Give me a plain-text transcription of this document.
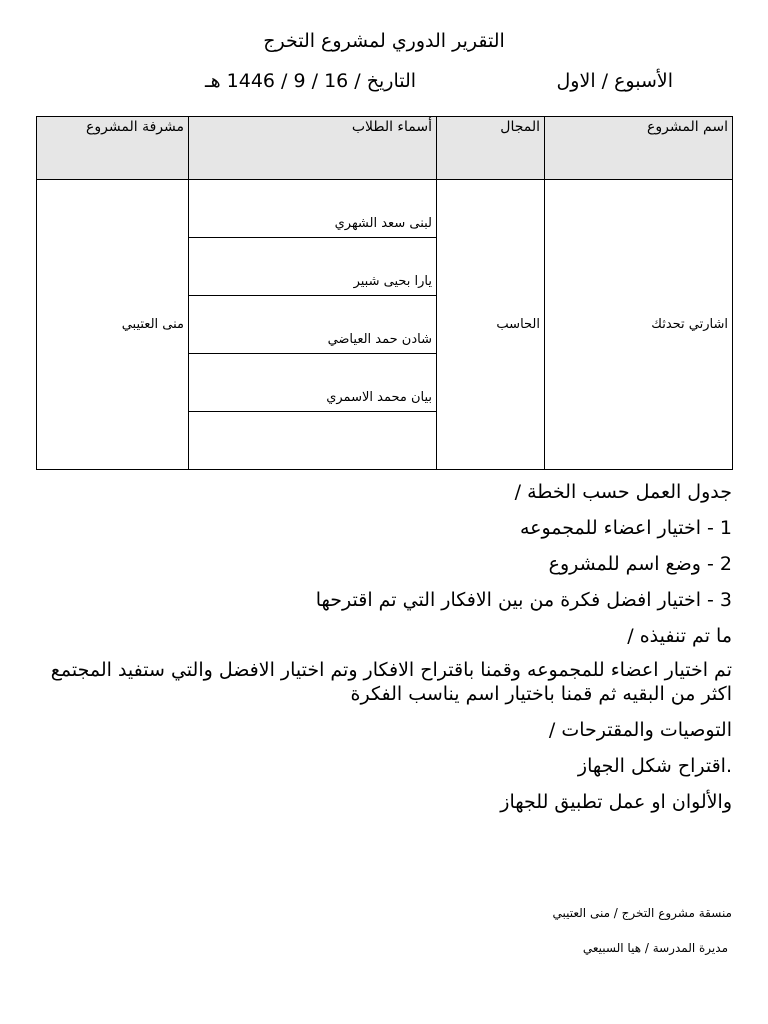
التقرير الدوري لمشروع التخرج
الأسبوع / الاول
التاريخ / 16 / 9 / 1446 هـ
اسم المشروع	المجال	أسماء الطلاب	مشرفة المشروع
اشارتي تحدثك	الحاسب	لبنى سعد الشهري
يارا بحيى شبير
شادن حمد العياضي
بيان محمد الاسمري	منى العتيبي

جدول العمل حسب الخطة /

1 - اختيار اعضاء للمجموعه

2 - وضع اسم للمشروع

3 - اختيار افضل فكرة من بين الافكار التي تم اقترحها

ما تم تنفيذه /

تم اختيار اعضاء للمجموعه وقمنا باقتراح الافكار وتم اختيار الافضل والتي ستفيد المجتمع اكثر من البقيه ثم قمنا باختيار اسم يناسب الفكرة

التوصيات والمقترحات /

.اقتراح شكل الجهاز

والألوان او عمل تطبيق للجهاز

منسقة مشروع التخرج / منى العتيبي
مديرة المدرسة / هيا السبيعي
